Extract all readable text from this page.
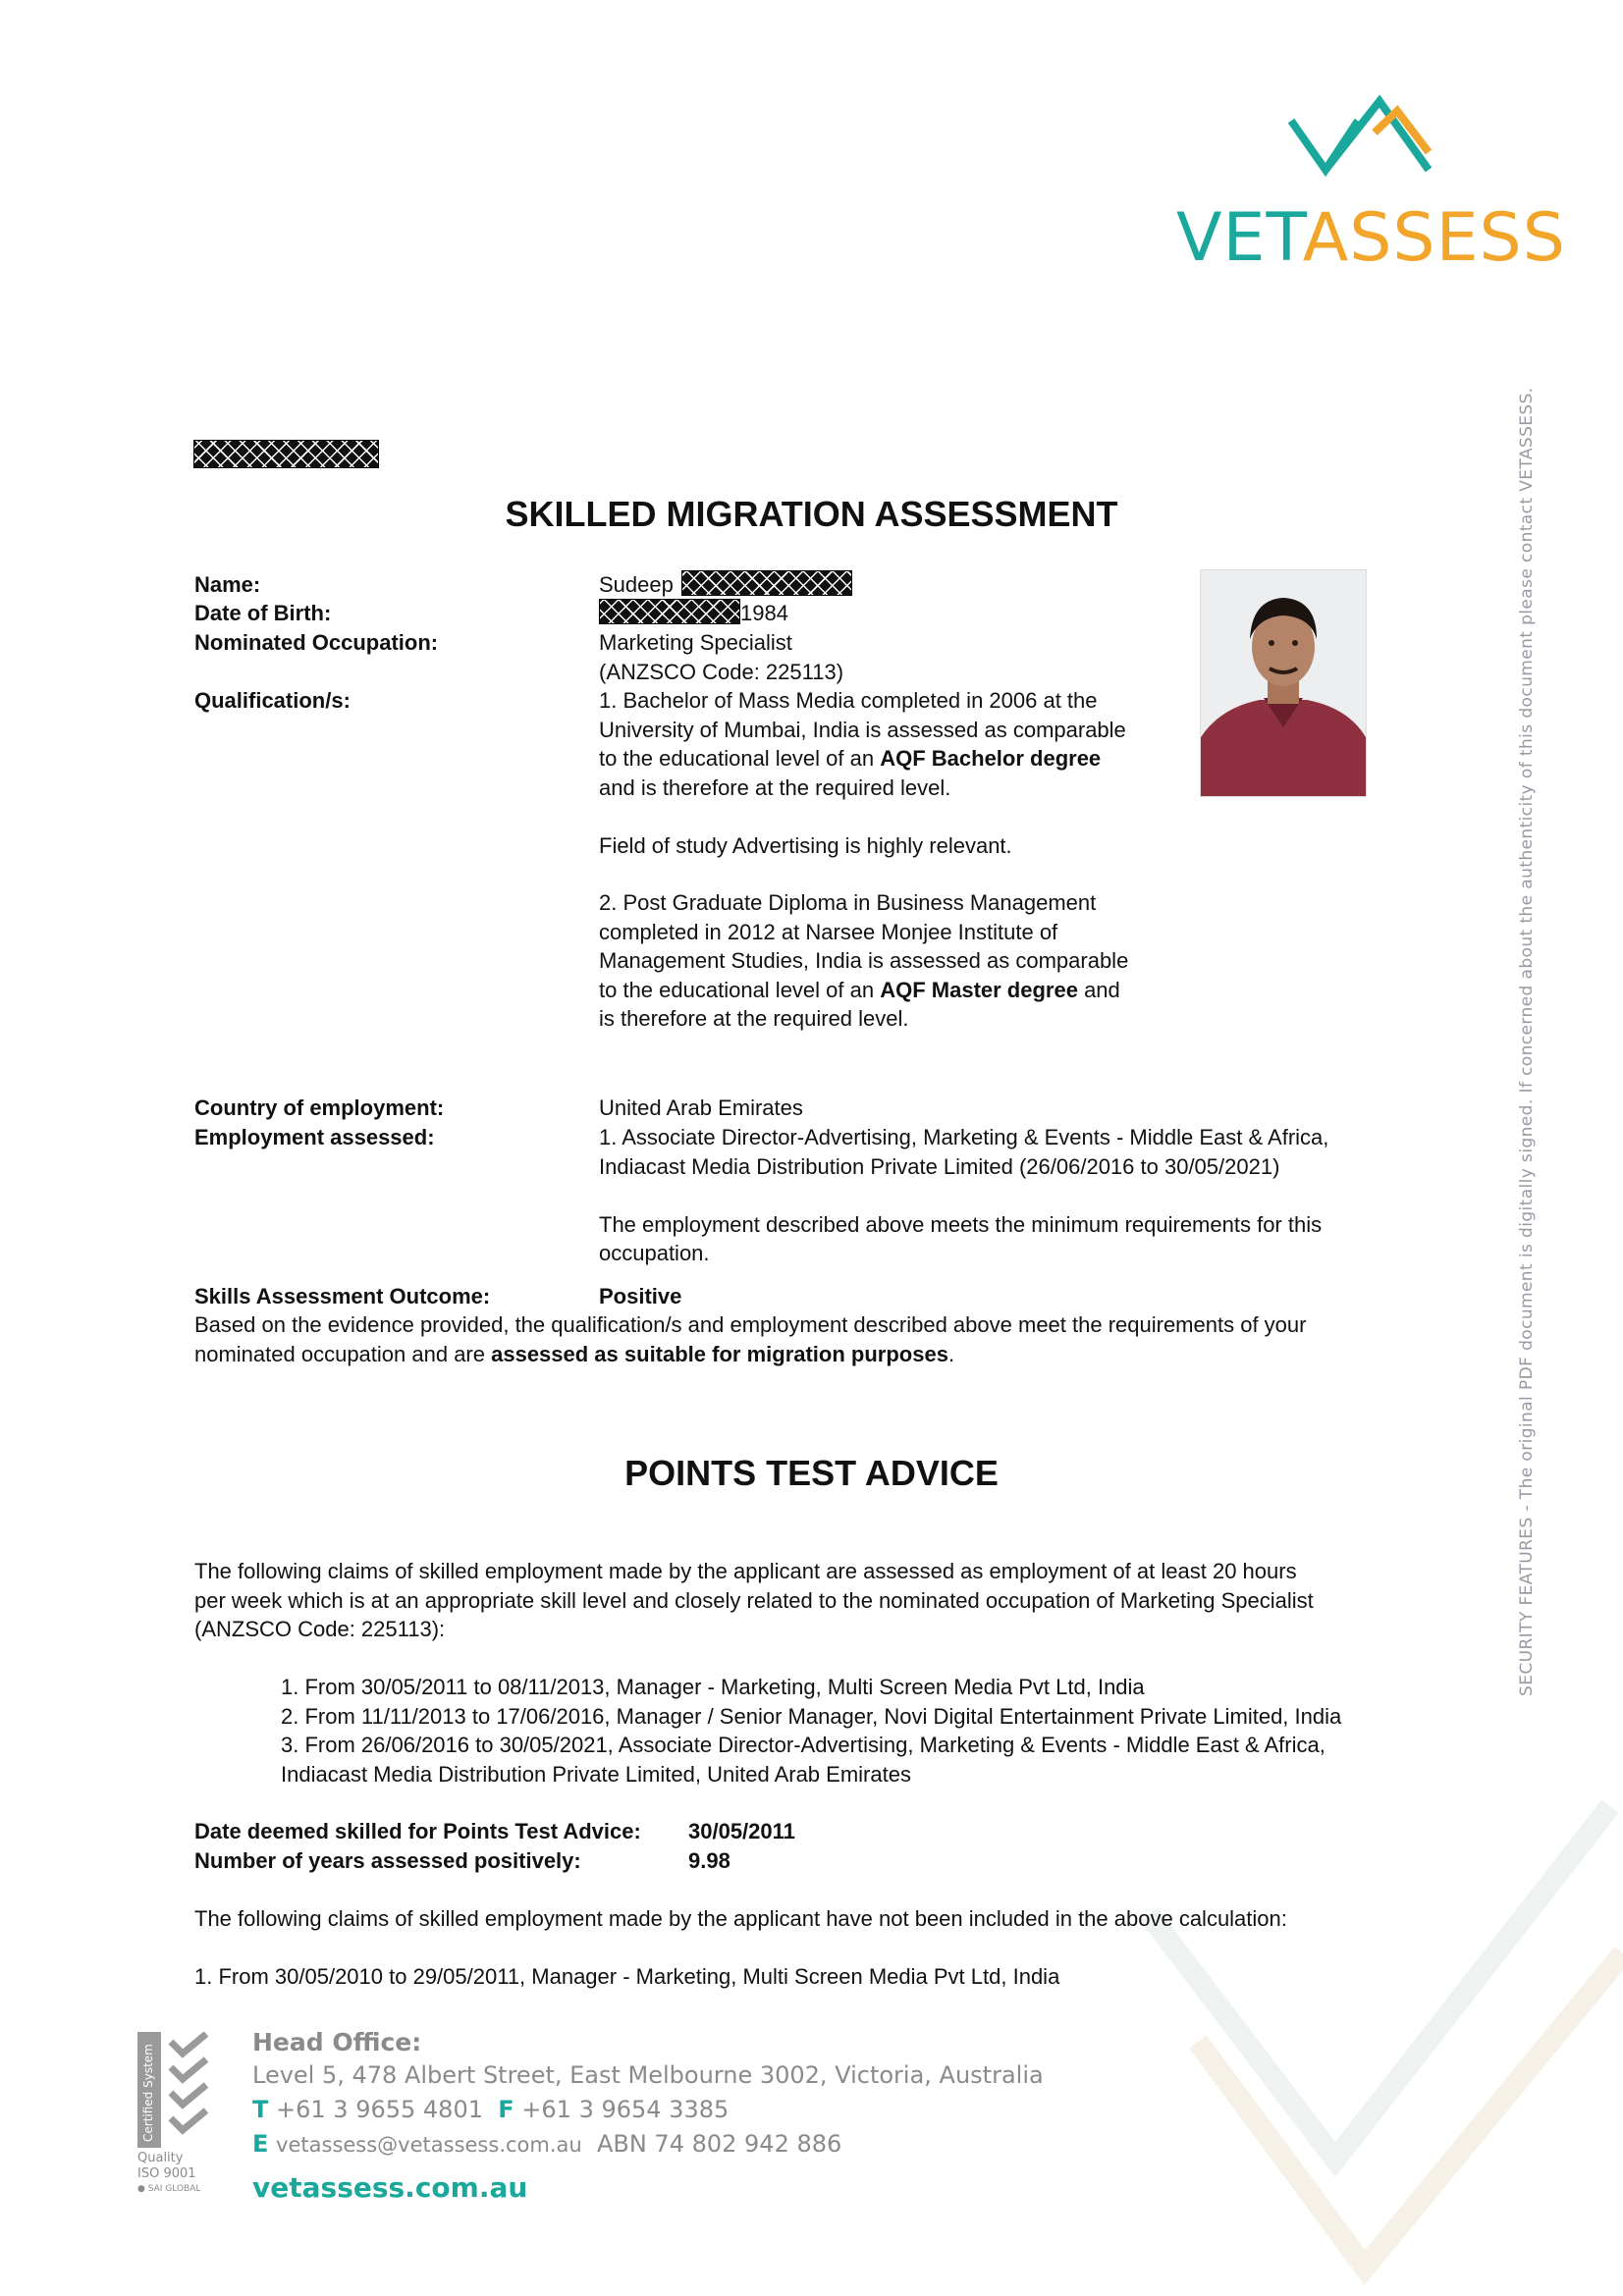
VETASSESS
SECURITY FEATURES - The original PDF document is digitally signed. If concerned about the authenticity of this document please contact VETASSESS.
SKILLED MIGRATION ASSESSMENT
Name:
Date of Birth:
Nominated Occupation:
Qualification/s:
Sudeep
1984
Marketing Specialist
(ANZSCO Code: 225113)
1. Bachelor of Mass Media completed in 2006 at the
University of Mumbai, India is assessed as comparable
to the educational level of an AQF Bachelor degree
and is therefore at the required level.
Field of study Advertising is highly relevant.
2. Post Graduate Diploma in Business Management
completed in 2012 at Narsee Monjee Institute of
Management Studies, India is assessed as comparable
to the educational level of an AQF Master degree and
is therefore at the required level.
Country of employment:
Employment assessed:
United Arab Emirates
1. Associate Director-Advertising, Marketing & Events - Middle East & Africa,
Indiacast Media Distribution Private Limited (26/06/2016 to 30/05/2021)
The employment described above meets the minimum requirements for this
occupation.
Skills Assessment Outcome:	Positive
Based on the evidence provided, the qualification/s and employment described above meet the requirements of your
nominated occupation and are assessed as suitable for migration purposes.
POINTS TEST ADVICE
The following claims of skilled employment made by the applicant are assessed as employment of at least 20 hours
per week which is at an appropriate skill level and closely related to the nominated occupation of Marketing Specialist
(ANZSCO Code: 225113):
1. From 30/05/2011 to 08/11/2013, Manager - Marketing, Multi Screen Media Pvt Ltd, India
2. From 11/11/2013 to 17/06/2016, Manager / Senior Manager, Novi Digital Entertainment Private Limited, India
3. From 26/06/2016 to 30/05/2021, Associate Director-Advertising, Marketing & Events - Middle East & Africa,
Indiacast Media Distribution Private Limited, United Arab Emirates
Date deemed skilled for Points Test Advice: 30/05/2011
Number of years assessed positively:	9.98
The following claims of skilled employment made by the applicant have not been included in the above calculation:
1. From 30/05/2010 to 29/05/2011, Manager - Marketing, Multi Screen Media Pvt Ltd, India
Certified System
Quality
ISO 9001
● SAI GLOBAL
Head Office:
Level 5, 478 Albert Street, East Melbourne 3002, Victoria, Australia
T +61 3 9655 4801 F +61 3 9654 3385
E vetassess@vetassess.com.au ABN 74 802 942 886
vetassess.com.au
